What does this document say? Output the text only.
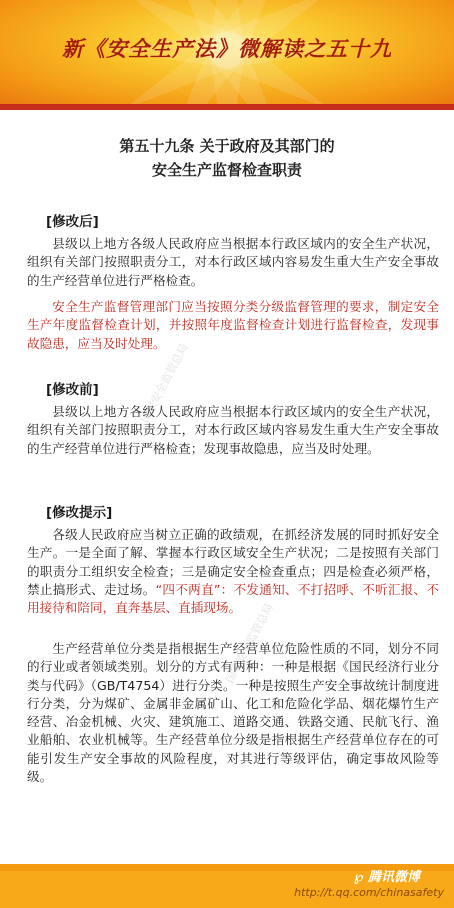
新《安全生产法》微解读之五十九
第五十九条 关于政府及其部门的
安全生产监督检查职责
[修改后]
县级以上地方各级人民政府应当根据本行政区域内的安全生产状况，组织有关部门按照职责分工，对本行政区域内容易发生重大生产安全事故的生产经营单位进行严格检查。
安全生产监督管理部门应当按照分类分级监督管理的要求，制定安全生产年度监督检查计划，并按照年度监督检查计划进行监督检查，发现事故隐患，应当及时处理。
[修改前]
县级以上地方各级人民政府应当根据本行政区域内的安全生产状况，组织有关部门按照职责分工，对本行政区域内容易发生重大生产安全事故的生产经营单位进行严格检查；发现事故隐患，应当及时处理。
[修改提示]
各级人民政府应当树立正确的政绩观，在抓经济发展的同时抓好安全生产。一是全面了解、掌握本行政区域安全生产状况；二是按照有关部门的职责分工组织安全检查；三是确定安全检查重点；四是检查必须严格，禁止搞形式、走过场。“四不两直”：不发通知、不打招呼、不听汇报、不用接待和陪同，直奔基层、直插现场。
生产经营单位分类是指根据生产经营单位危险性质的不同，划分不同的行业或者领域类别。划分的方式有两种：一种是根据《国民经济行业分类与代码》（GB/T4754）进行分类。一种是按照生产安全事故统计制度进行分类，分为煤矿、金属非金属矿山、化工和危险化学品、烟花爆竹生产经营、冶金机械、火灾、建筑施工、道路交通、铁路交通、民航飞行、渔业船舶、农业机械等。生产经营单位分级是指根据生产经营单位存在的可能引发生产安全事故的风险程度，对其进行等级评估，确定事故风险等级。
国家安全监管总局
国家安全监管总局
℘ 腾讯微博
http://t.qq.com/chinasafety
